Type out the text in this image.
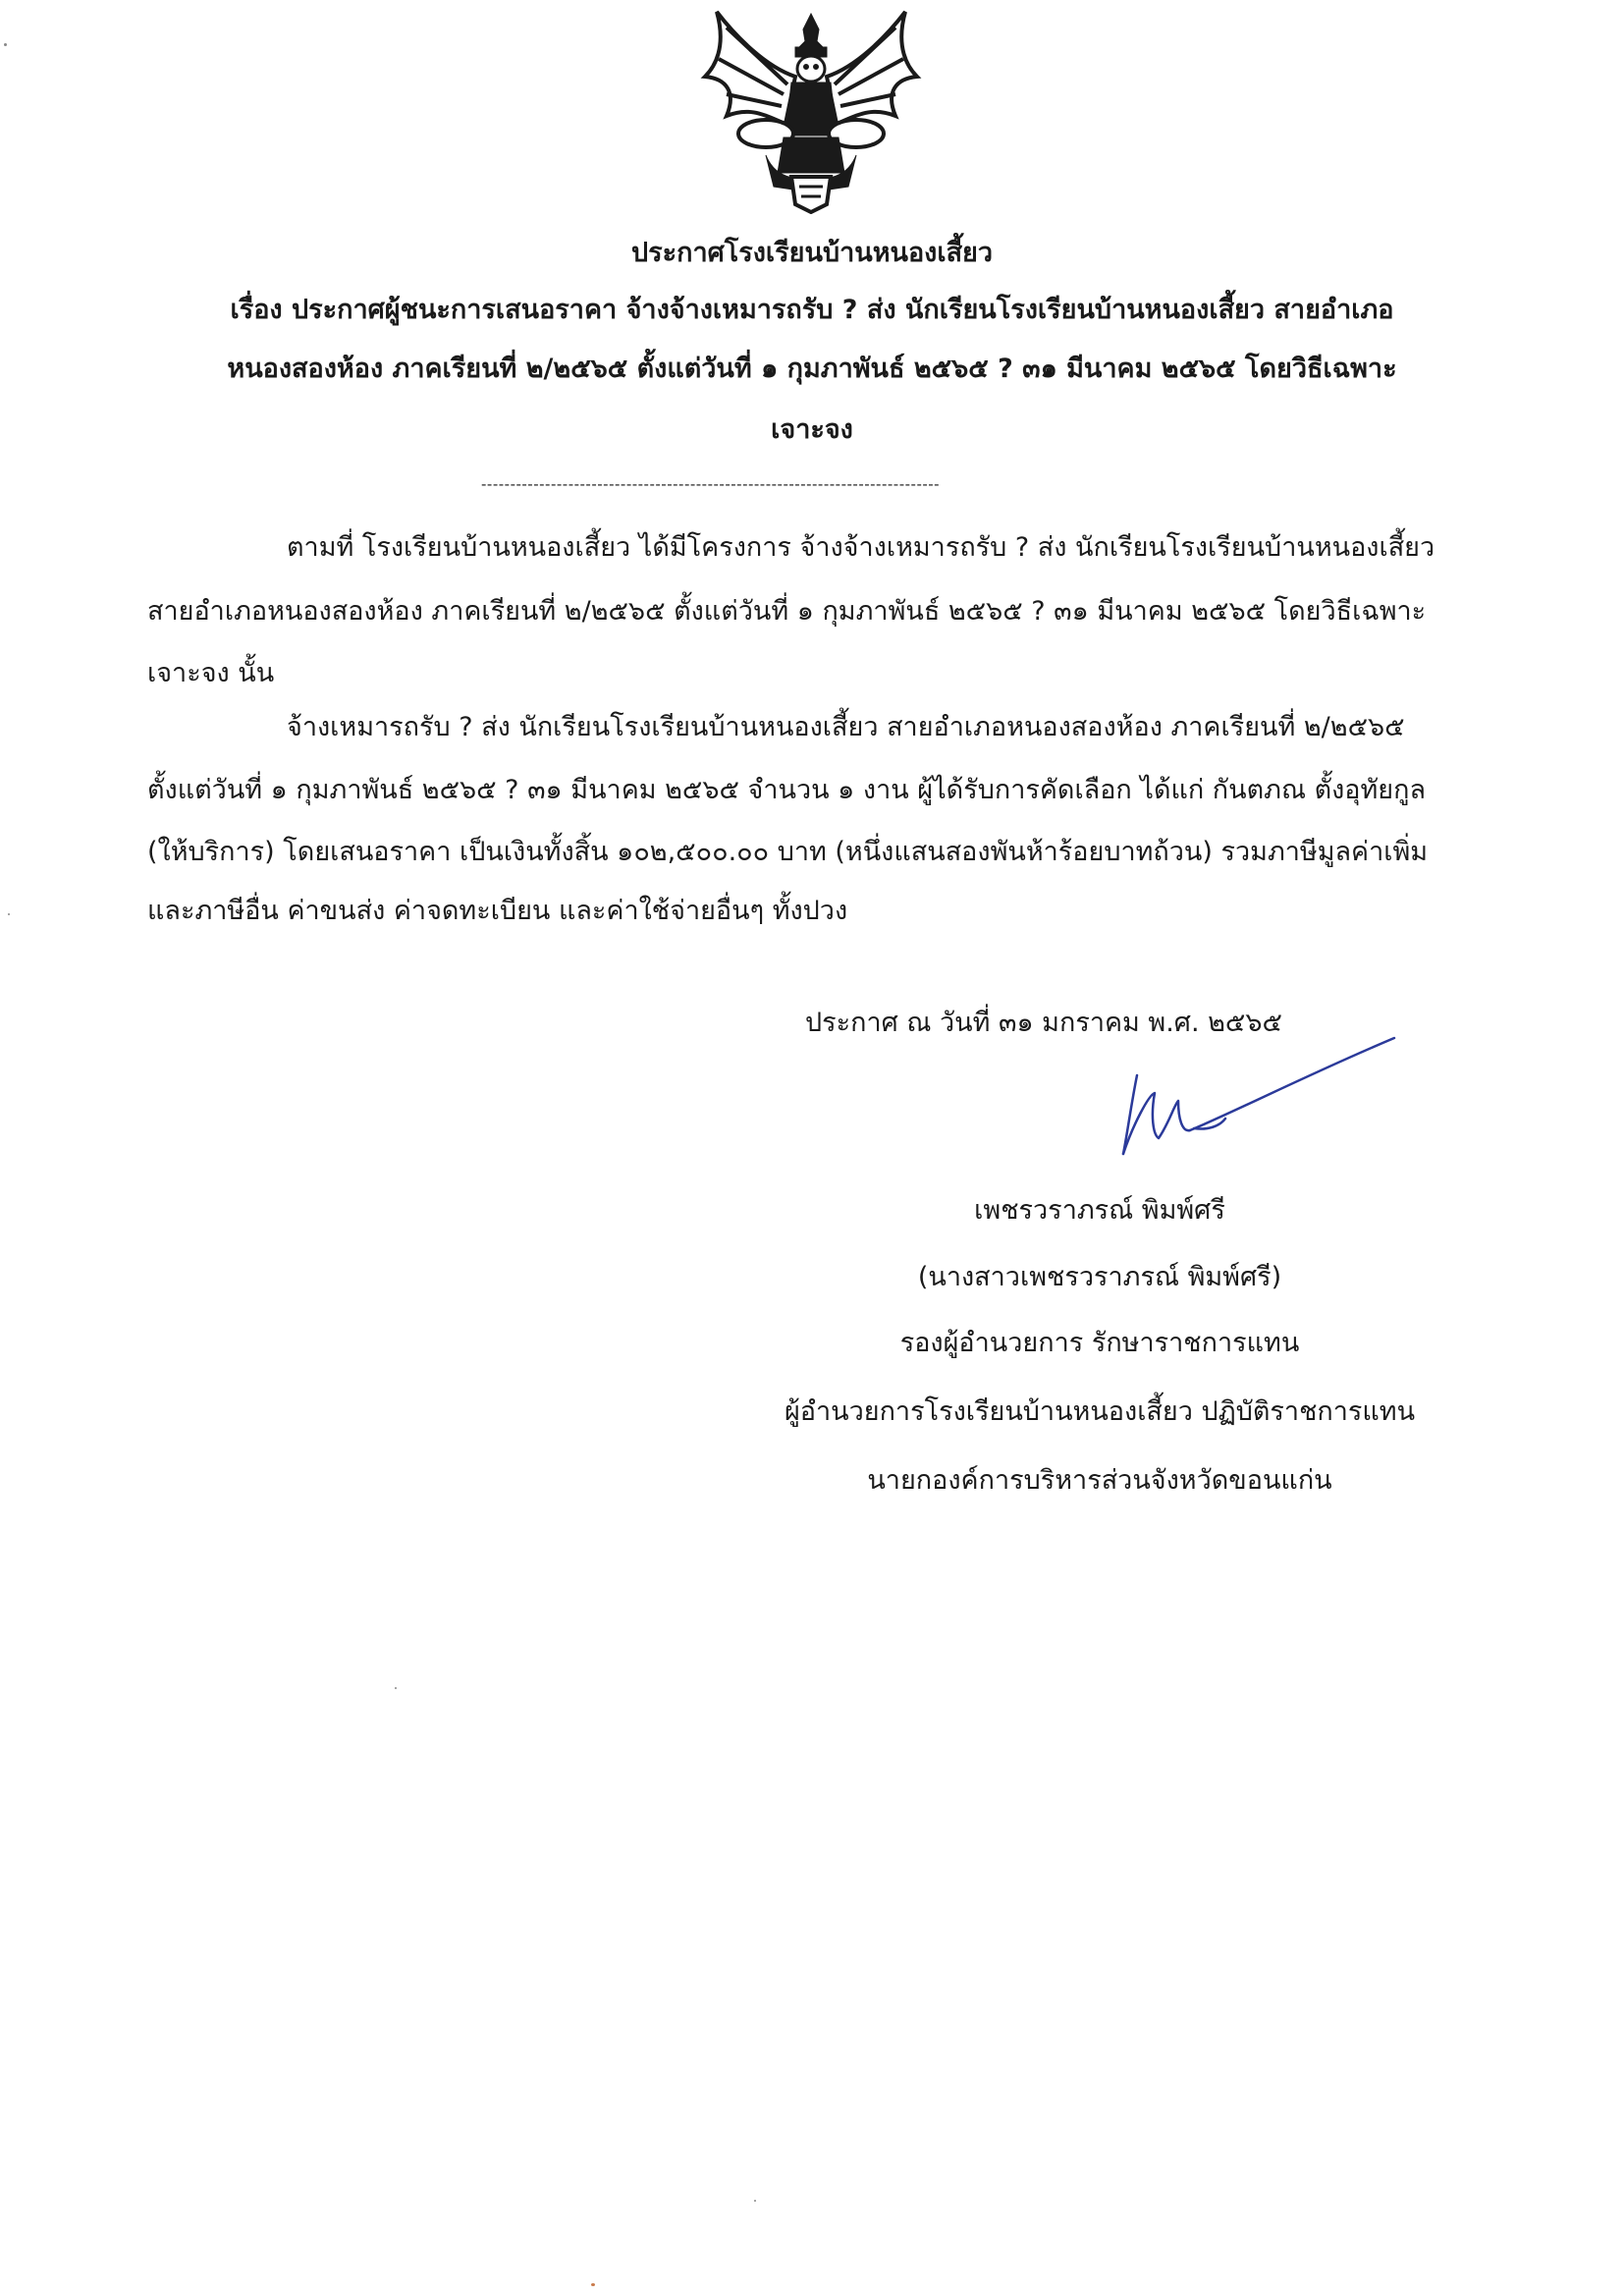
ประกาศโรงเรียนบ้านหนองเสี้ยว
เรื่อง ประกาศผู้ชนะการเสนอราคา จ้างจ้างเหมารถรับ ? ส่ง นักเรียนโรงเรียนบ้านหนองเสี้ยว สายอำเภอ
หนองสองห้อง ภาคเรียนที่ ๒/๒๕๖๕ ตั้งแต่วันที่ ๑ กุมภาพันธ์ ๒๕๖๕ ? ๓๑ มีนาคม ๒๕๖๕ โดยวิธีเฉพาะ
เจาะจง
-------------------------------------------------------------------------------
ตามที่ โรงเรียนบ้านหนองเสี้ยว ได้มีโครงการ จ้างจ้างเหมารถรับ ? ส่ง นักเรียนโรงเรียนบ้านหนองเสี้ยว
สายอำเภอหนองสองห้อง ภาคเรียนที่ ๒/๒๕๖๕ ตั้งแต่วันที่ ๑ กุมภาพันธ์ ๒๕๖๕ ? ๓๑ มีนาคม ๒๕๖๕ โดยวิธีเฉพาะ
เจาะจง นั้น
จ้างเหมารถรับ ? ส่ง นักเรียนโรงเรียนบ้านหนองเสี้ยว สายอำเภอหนองสองห้อง ภาคเรียนที่ ๒/๒๕๖๕
ตั้งแต่วันที่ ๑ กุมภาพันธ์ ๒๕๖๕ ? ๓๑ มีนาคม ๒๕๖๕ จำนวน ๑ งาน ผู้ได้รับการคัดเลือก ได้แก่ กันตภณ ตั้งอุทัยกูล
(ให้บริการ) โดยเสนอราคา เป็นเงินทั้งสิ้น ๑๐๒,๕๐๐.๐๐ บาท (หนึ่งแสนสองพันห้าร้อยบาทถ้วน) รวมภาษีมูลค่าเพิ่ม
และภาษีอื่น ค่าขนส่ง ค่าจดทะเบียน และค่าใช้จ่ายอื่นๆ ทั้งปวง
ประกาศ ณ วันที่ ๓๑ มกราคม พ.ศ. ๒๕๖๕
เพชรวราภรณ์ พิมพ์ศรี
(นางสาวเพชรวราภรณ์ พิมพ์ศรี)
รองผู้อำนวยการ รักษาราชการแทน
ผู้อำนวยการโรงเรียนบ้านหนองเสี้ยว ปฏิบัติราชการแทน
นายกองค์การบริหารส่วนจังหวัดขอนแก่น
